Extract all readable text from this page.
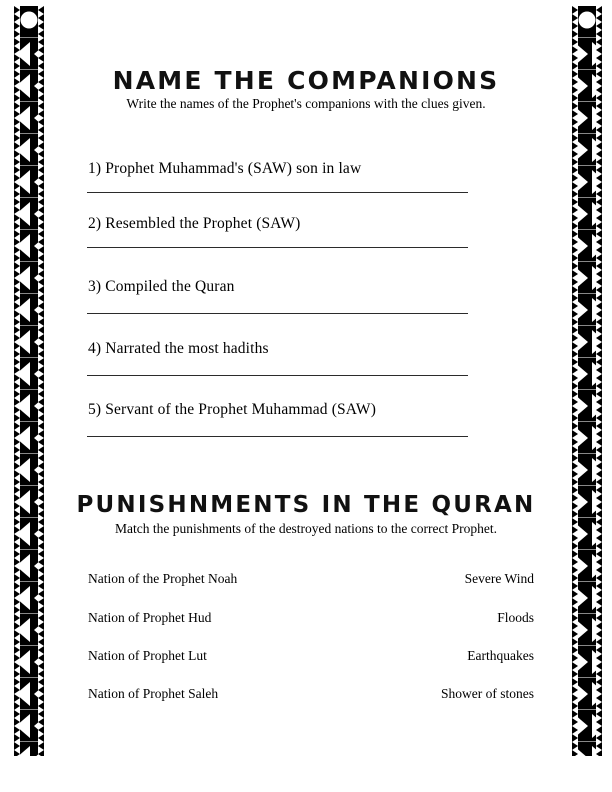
NAME THE COMPANIONS
Write the names of the Prophet's companions with the clues given.
1) Prophet Muhammad's (SAW) son in law
2) Resembled the Prophet (SAW)
3) Compiled the Quran
4) Narrated the most hadiths
5) Servant of the Prophet Muhammad (SAW)
PUNISHNMENTS IN THE QURAN
Match the punishments of the destroyed nations to the correct Prophet.
Nation of the Prophet Noah	Severe Wind
Nation of Prophet Hud	Floods
Nation of Prophet Lut	Earthquakes
Nation of Prophet Saleh	Shower of stones
